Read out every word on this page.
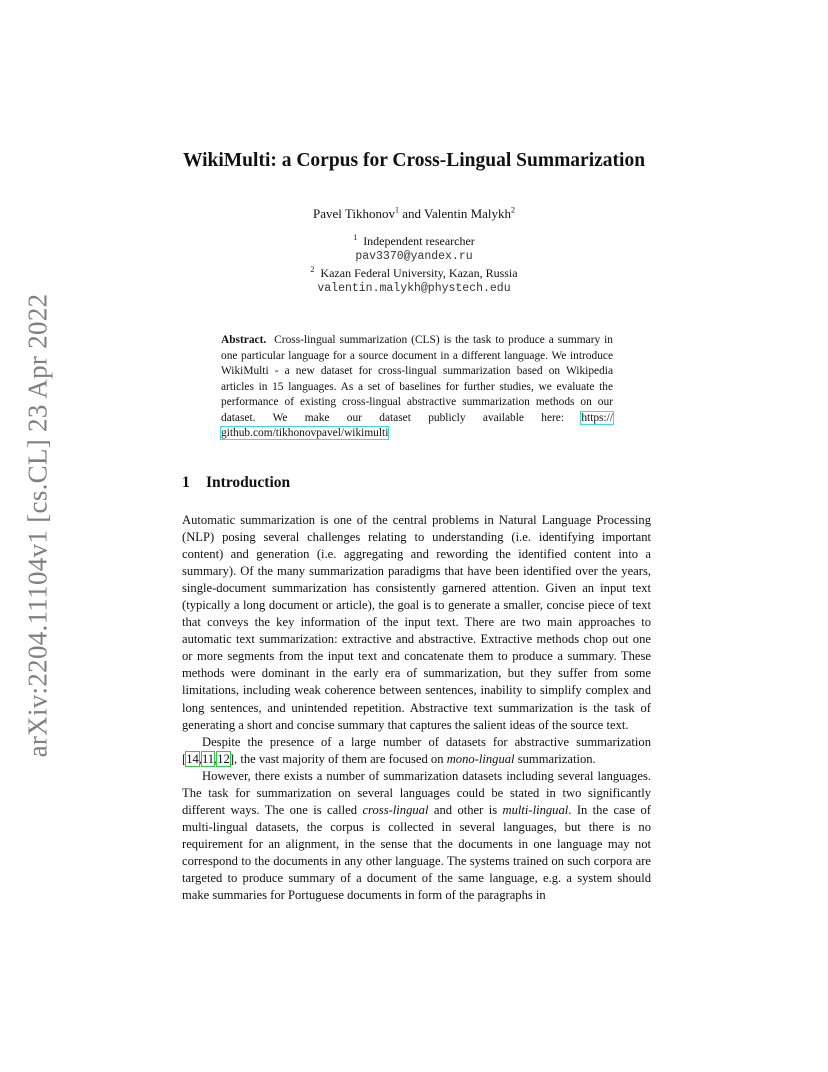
arXiv:2204.11104v1 [cs.CL] 23 Apr 2022
WikiMulti: a Corpus for Cross-Lingual Summarization
Pavel Tikhonov$^1$ and Valentin Malykh$^2$
$^1$ Independent researcher
pav3370@yandex.ru
$^2$ Kazan Federal University, Kazan, Russia
valentin.malykh@phystech.edu

Abstract. Cross-lingual summarization (CLS) is the task to produce a summary in one particular language for a source document in a different language. We introduce WikiMulti - a new dataset for cross-lingual summarization based on Wikipedia articles in 15 languages. As a set of baselines for further studies, we evaluate the performance of existing cross-lingual abstractive summarization methods on our dataset. We make our dataset publicly available here: https:// github.com/tikhonovpavel/wikimulti

1 Introduction

Automatic summarization is one of the central problems in Natural Language Processing (NLP) posing several challenges relating to understanding (i.e. identifying important content) and generation (i.e. aggregating and rewording the identified content into a summary). Of the many summarization paradigms that have been identified over the years, single-document summarization has consistently garnered attention. Given an input text (typically a long document or article), the goal is to generate a smaller, concise piece of text that conveys the key information of the input text. There are two main approaches to automatic text summarization: extractive and abstractive. Extractive methods chop out one or more segments from the input text and concatenate them to produce a summary. These methods were dominant in the early era of summarization, but they suffer from some limitations, including weak coherence between sentences, inability to simplify complex and long sentences, and unintended repetition. Abstractive text summarization is the task of generating a short and concise summary that captures the salient ideas of the source text.

Despite the presence of a large number of datasets for abstractive summarization [14,11,12], the vast majority of them are focused on mono-lingual summarization.

However, there exists a number of summarization datasets including several languages. The task for summarization on several languages could be stated in two significantly different ways. The one is called cross-lingual and other is multi-lingual. In the case of multi-lingual datasets, the corpus is collected in several languages, but there is no requirement for an alignment, in the sense that the documents in one language may not correspond to the documents in any other language. The systems trained on such corpora are targeted to produce summary of a document of the same language, e.g. a system should make summaries for Portuguese documents in form of the paragraphs in
